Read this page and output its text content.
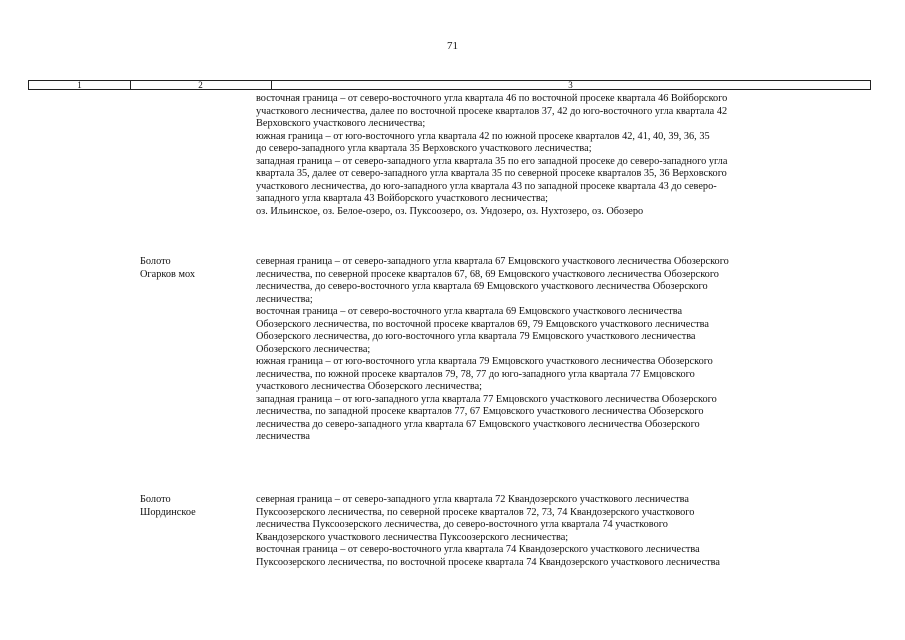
71
1	2	3
восточная граница – от северо-восточного угла квартала 46 по восточной просеке квартала 46 Войборского
участкового лесничества, далее по восточной просеке кварталов 37, 42 до юго-восточного угла квартала 42
Верховского участкового лесничества;
южная граница – от юго-восточного угла квартала 42 по южной просеке кварталов 42, 41, 40, 39, 36, 35
до северо-западного угла квартала 35 Верховского участкового лесничества;
западная граница – от северо-западного угла квартала 35 по его западной просеке до северо-западного угла
квартала 35, далее от северо-западного угла квартала 35 по северной просеке кварталов 35, 36 Верховского
участкового лесничества, до юго-западного угла квартала 43 по западной просеке квартала 43 до северо-
западного угла квартала 43 Войборского участкового лесничества;
оз. Ильинское, оз. Белое-озеро, оз. Пуксоозеро, оз. Ундозеро, оз. Нухтозеро, оз. Обозеро
Болото
Огарков мох
северная граница – от северо-западного угла квартала 67 Емцовского участкового лесничества Обозерского
лесничества, по северной просеке кварталов 67, 68, 69 Емцовского участкового лесничества Обозерского
лесничества, до северо-восточного угла квартала 69 Емцовского участкового лесничества Обозерского
лесничества;
восточная граница – от северо-восточного угла квартала 69 Емцовского участкового лесничества
Обозерского лесничества, по восточной просеке кварталов 69, 79 Емцовского участкового лесничества
Обозерского лесничества, до юго-восточного угла квартала 79 Емцовского участкового лесничества
Обозерского лесничества;
южная граница – от юго-восточного угла квартала 79 Емцовского участкового лесничества Обозерского
лесничества, по южной просеке кварталов 79, 78, 77 до юго-западного угла квартала 77 Емцовского
участкового лесничества Обозерского лесничества;
западная граница – от юго-западного угла квартала 77 Емцовского участкового лесничества Обозерского
лесничества, по западной просеке кварталов 77, 67 Емцовского участкового лесничества Обозерского
лесничества до северо-западного угла квартала 67 Емцовского участкового лесничества Обозерского
лесничества
Болото
Шординское
северная граница – от северо-западного угла квартала 72 Квандозерского участкового лесничества
Пуксоозерского лесничества, по северной просеке кварталов 72, 73, 74 Квандозерского участкового
лесничества Пуксоозерского лесничества, до северо-восточного угла квартала 74 участкового
Квандозерского участкового лесничества Пуксоозерского лесничества;
восточная граница – от северо-восточного угла квартала 74 Квандозерского участкового лесничества
Пуксоозерского лесничества, по восточной просеке квартала 74 Квандозерского участкового лесничества
